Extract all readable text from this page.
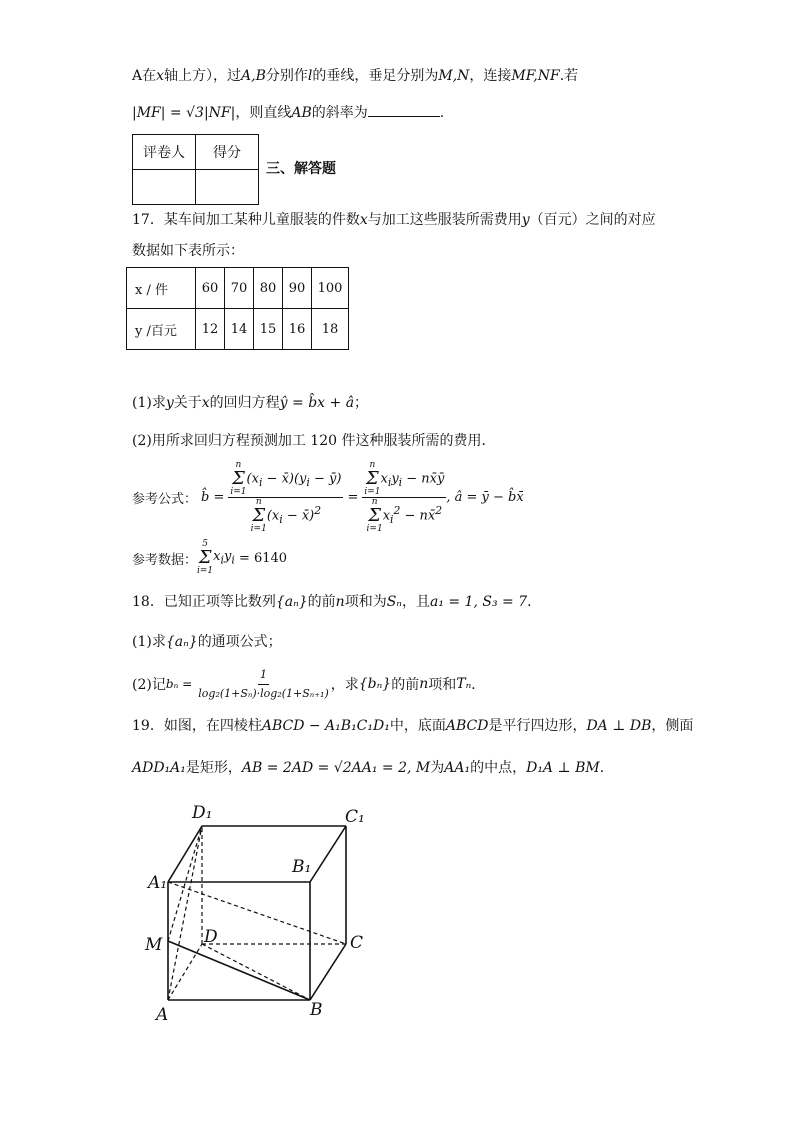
A在x轴上方），过A,B分别作l的垂线，垂足分别为M,N，连接MF,NF.若
|MF| = √3|NF|，则直线AB的斜率为	.
评卷人	得分

三、解答题
17．某车间加工某种儿童服装的件数x与加工这些服装所需费用y（百元）之间的对应
数据如下表所示：
x / 件	60	70	80	90	100
y /百元	12	14	15	16	18
(1)求y关于x的回归方程ŷ = b̂x + â；
(2)用所求回归方程预测加工 120 件这种服装所需的费用．
参考公式： b̂ = n
Σ
i=1
($x_i$ − $x̄)(y_i$ − ȳ)
n
Σ
i=1
($x_i$ − x̄)$^2$ = n
Σ
i=1
$x_iy_i$ − nx̄ȳ
n
Σ
i=1
$x_i^2$ − nx̄$^2$ , â = ȳ − b̂x̄
参考数据：
5
Σ
i=1
$x_iy_i = 6140$
18．已知正项等比数列{aₙ}的前n项和为Sₙ，且a₁ = 1, S₃ = 7．
(1)求{aₙ}的通项公式；
(2)记 $b_n = \frac{1}{\text{log₂(1+Sₙ)·log₂(1+Sₙ₊₁)}}$ ，求 {bₙ} 的前 n 项和 Tₙ ．
19．如图，在四棱柱ABCD − A₁B₁C₁D₁中，底面ABCD是平行四边形，DA ⊥ DB，侧面
ADD₁A₁是矩形，AB = 2AD = √2AA₁ = 2, M为AA₁的中点，D₁A ⊥ BM．
D₁	C₁
B₁
A₁
M D	C
A	B
